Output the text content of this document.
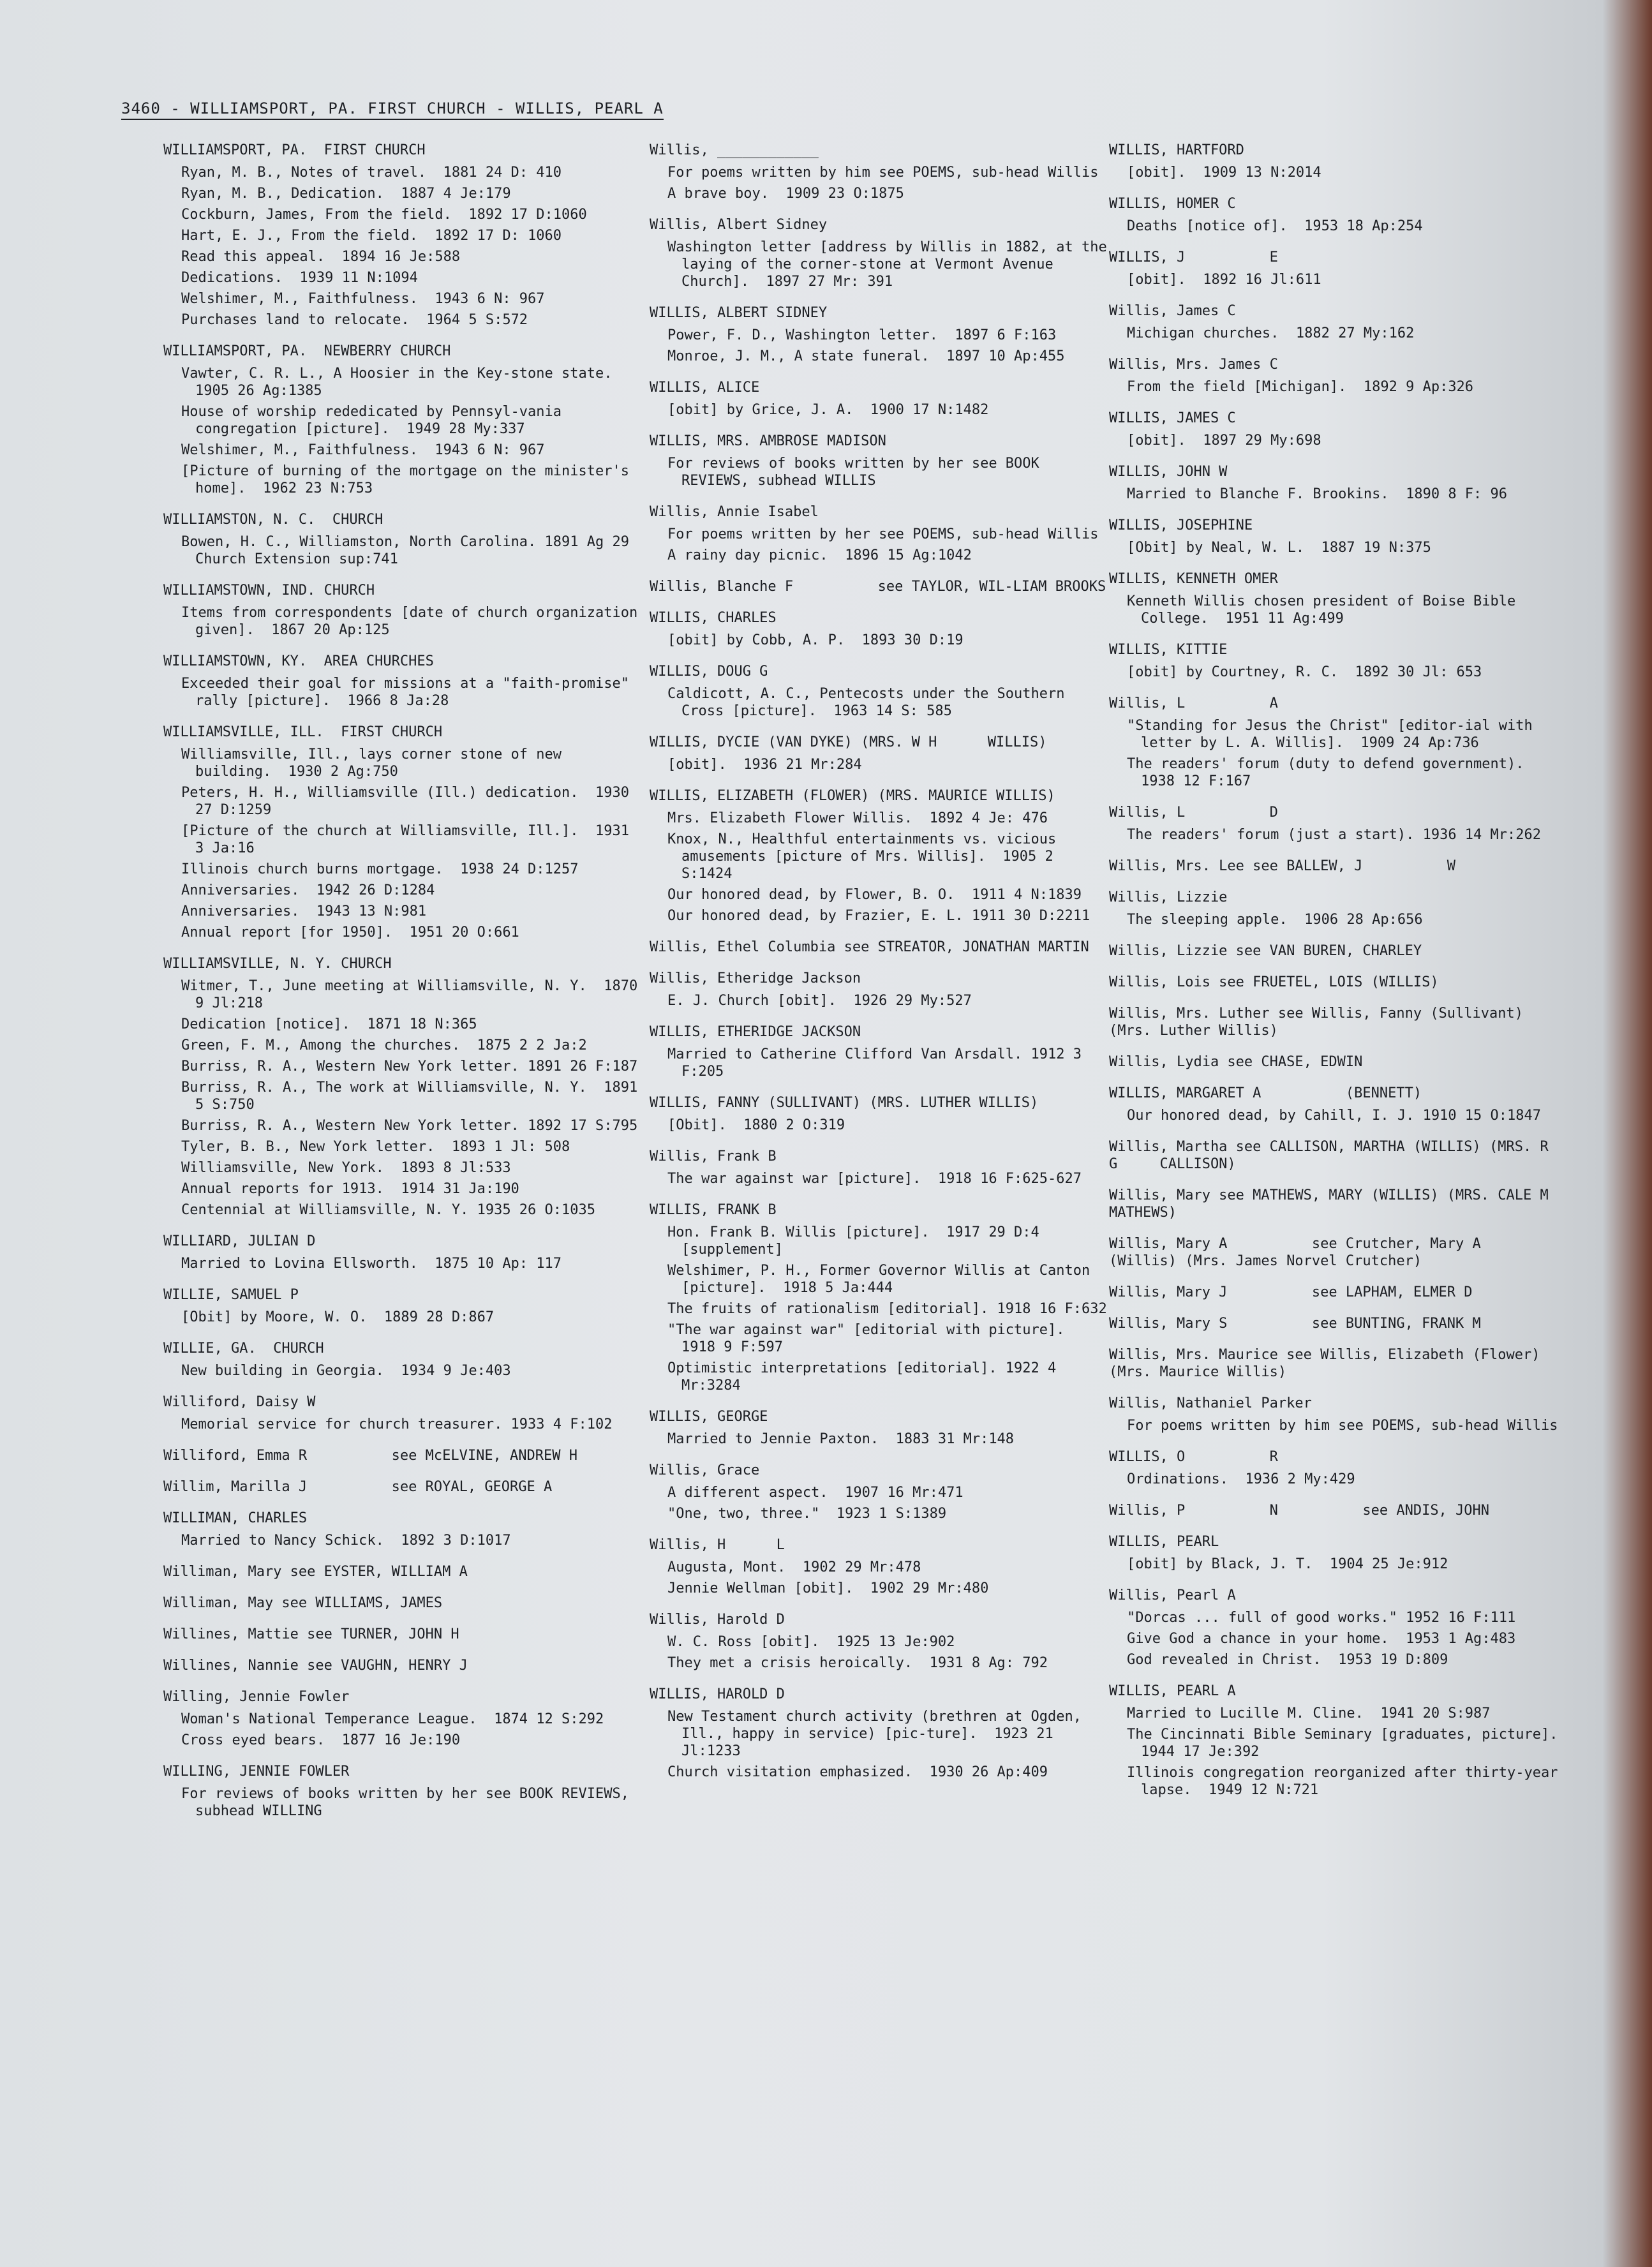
3460 - WILLIAMSPORT, PA. FIRST CHURCH - WILLIS, PEARL A
WILLIAMSPORT, PA.  FIRST CHURCH
Ryan, M. B., Notes of travel.  1881 24 D: 410
Ryan, M. B., Dedication.  1887 4 Je:179
Cockburn, James, From the field.  1892 17 D:1060
Hart, E. J., From the field.  1892 17 D: 1060
Read this appeal.  1894 16 Je:588
Dedications.  1939 11 N:1094
Welshimer, M., Faithfulness.  1943 6 N: 967
Purchases land to relocate.  1964 5 S:572
WILLIAMSPORT, PA.  NEWBERRY CHURCH
Vawter, C. R. L., A Hoosier in the Key-stone state.  1905 26 Ag:1385
House of worship rededicated by Pennsyl-vania congregation [picture].  1949 28 My:337
Welshimer, M., Faithfulness.  1943 6 N: 967
[Picture of burning of the mortgage on the minister's home].  1962 23 N:753
WILLIAMSTON, N. C.  CHURCH
Bowen, H. C., Williamston, North Carolina. 1891 Ag 29 Church Extension sup:741
WILLIAMSTOWN, IND. CHURCH
Items from correspondents [date of church organization given].  1867 20 Ap:125
WILLIAMSTOWN, KY.  AREA CHURCHES
Exceeded their goal for missions at a "faith-promise" rally [picture].  1966 8 Ja:28
WILLIAMSVILLE, ILL.  FIRST CHURCH
Williamsville, Ill., lays corner stone of new building.  1930 2 Ag:750
Peters, H. H., Williamsville (Ill.) dedication.  1930 27 D:1259
[Picture of the church at Williamsville, Ill.].  1931 3 Ja:16
Illinois church burns mortgage.  1938 24 D:1257
Anniversaries.  1942 26 D:1284
Anniversaries.  1943 13 N:981
Annual report [for 1950].  1951 20 O:661
WILLIAMSVILLE, N. Y. CHURCH
Witmer, T., June meeting at Williamsville, N. Y.  1870 9 Jl:218
Dedication [notice].  1871 18 N:365
Green, F. M., Among the churches.  1875 2 2 Ja:2
Burriss, R. A., Western New York letter. 1891 26 F:187
Burriss, R. A., The work at Williamsville, N. Y.  1891 5 S:750
Burriss, R. A., Western New York letter. 1892 17 S:795
Tyler, B. B., New York letter.  1893 1 Jl: 508
Williamsville, New York.  1893 8 Jl:533
Annual reports for 1913.  1914 31 Ja:190
Centennial at Williamsville, N. Y. 1935 26 O:1035
WILLIARD, JULIAN D
Married to Lovina Ellsworth.  1875 10 Ap: 117
WILLIE, SAMUEL P
[Obit] by Moore, W. O.  1889 28 D:867
WILLIE, GA.  CHURCH
New building in Georgia.  1934 9 Je:403
Williford, Daisy W
Memorial service for church treasurer. 1933 4 F:102
Williford, Emma R          see McELVINE, ANDREW H
Willim, Marilla J          see ROYAL, GEORGE A
WILLIMAN, CHARLES
Married to Nancy Schick.  1892 3 D:1017
Williman, Mary see EYSTER, WILLIAM A
Williman, May see WILLIAMS, JAMES
Willines, Mattie see TURNER, JOHN H
Willines, Nannie see VAUGHN, HENRY J
Willing, Jennie Fowler
Woman's National Temperance League.  1874 12 S:292
Cross eyed bears.  1877 16 Je:190
WILLING, JENNIE FOWLER
For reviews of books written by her see BOOK REVIEWS, subhead WILLING
Willis, ____________
For poems written by him see POEMS, sub-head Willis
A brave boy.  1909 23 O:1875
Willis, Albert Sidney
Washington letter [address by Willis in 1882, at the laying of the corner-stone at Vermont Avenue Church].  1897 27 Mr: 391
WILLIS, ALBERT SIDNEY
Power, F. D., Washington letter.  1897 6 F:163
Monroe, J. M., A state funeral.  1897 10 Ap:455
WILLIS, ALICE
[obit] by Grice, J. A.  1900 17 N:1482
WILLIS, MRS. AMBROSE MADISON
For reviews of books written by her see BOOK REVIEWS, subhead WILLIS
Willis, Annie Isabel
For poems written by her see POEMS, sub-head Willis
A rainy day picnic.  1896 15 Ag:1042
Willis, Blanche F          see TAYLOR, WIL-LIAM BROOKS
WILLIS, CHARLES
[obit] by Cobb, A. P.  1893 30 D:19
WILLIS, DOUG G
Caldicott, A. C., Pentecosts under the Southern Cross [picture].  1963 14 S: 585
WILLIS, DYCIE (VAN DYKE) (MRS. W H      WILLIS)
[obit].  1936 21 Mr:284
WILLIS, ELIZABETH (FLOWER) (MRS. MAURICE WILLIS)
Mrs. Elizabeth Flower Willis.  1892 4 Je: 476
Knox, N., Healthful entertainments vs. vicious amusements [picture of Mrs. Willis].  1905 2 S:1424
Our honored dead, by Flower, B. O.  1911 4 N:1839
Our honored dead, by Frazier, E. L. 1911 30 D:2211
Willis, Ethel Columbia see STREATOR, JONATHAN MARTIN
Willis, Etheridge Jackson
E. J. Church [obit].  1926 29 My:527
WILLIS, ETHERIDGE JACKSON
Married to Catherine Clifford Van Arsdall. 1912 3 F:205
WILLIS, FANNY (SULLIVANT) (MRS. LUTHER WILLIS)
[Obit].  1880 2 O:319
Willis, Frank B
The war against war [picture].  1918 16 F:625-627
WILLIS, FRANK B
Hon. Frank B. Willis [picture].  1917 29 D:4 [supplement]
Welshimer, P. H., Former Governor Willis at Canton [picture].  1918 5 Ja:444
The fruits of rationalism [editorial]. 1918 16 F:632
"The war against war" [editorial with picture].  1918 9 F:597
Optimistic interpretations [editorial]. 1922 4 Mr:3284
WILLIS, GEORGE
Married to Jennie Paxton.  1883 31 Mr:148
Willis, Grace
A different aspect.  1907 16 Mr:471
"One, two, three."  1923 1 S:1389
Willis, H      L
Augusta, Mont.  1902 29 Mr:478
Jennie Wellman [obit].  1902 29 Mr:480
Willis, Harold D
W. C. Ross [obit].  1925 13 Je:902
They met a crisis heroically.  1931 8 Ag: 792
WILLIS, HAROLD D
New Testament church activity (brethren at Ogden, Ill., happy in service) [pic-ture].  1923 21 Jl:1233
Church visitation emphasized.  1930 26 Ap:409
WILLIS, HARTFORD
[obit].  1909 13 N:2014
WILLIS, HOMER C
Deaths [notice of].  1953 18 Ap:254
WILLIS, J          E
[obit].  1892 16 Jl:611
Willis, James C
Michigan churches.  1882 27 My:162
Willis, Mrs. James C
From the field [Michigan].  1892 9 Ap:326
WILLIS, JAMES C
[obit].  1897 29 My:698
WILLIS, JOHN W
Married to Blanche F. Brookins.  1890 8 F: 96
WILLIS, JOSEPHINE
[Obit] by Neal, W. L.  1887 19 N:375
WILLIS, KENNETH OMER
Kenneth Willis chosen president of Boise Bible College.  1951 11 Ag:499
WILLIS, KITTIE
[obit] by Courtney, R. C.  1892 30 Jl: 653
Willis, L          A
"Standing for Jesus the Christ" [editor-ial with letter by L. A. Willis].  1909 24 Ap:736
The readers' forum (duty to defend government).  1938 12 F:167
Willis, L          D
The readers' forum (just a start). 1936 14 Mr:262
Willis, Mrs. Lee see BALLEW, J          W
Willis, Lizzie
The sleeping apple.  1906 28 Ap:656
Willis, Lizzie see VAN BUREN, CHARLEY
Willis, Lois see FRUETEL, LOIS (WILLIS)
Willis, Mrs. Luther see Willis, Fanny (Sullivant) (Mrs. Luther Willis)
Willis, Lydia see CHASE, EDWIN
WILLIS, MARGARET A          (BENNETT)
Our honored dead, by Cahill, I. J. 1910 15 O:1847
Willis, Martha see CALLISON, MARTHA (WILLIS) (MRS. R     G     CALLISON)
Willis, Mary see MATHEWS, MARY (WILLIS) (MRS. CALE M     MATHEWS)
Willis, Mary A          see Crutcher, Mary A     (Willis) (Mrs. James Norvel Crutcher)
Willis, Mary J          see LAPHAM, ELMER D
Willis, Mary S          see BUNTING, FRANK M
Willis, Mrs. Maurice see Willis, Elizabeth (Flower) (Mrs. Maurice Willis)
Willis, Nathaniel Parker
For poems written by him see POEMS, sub-head Willis
WILLIS, O          R
Ordinations.  1936 2 My:429
Willis, P          N          see ANDIS, JOHN
WILLIS, PEARL
[obit] by Black, J. T.  1904 25 Je:912
Willis, Pearl A
"Dorcas ... full of good works." 1952 16 F:111
Give God a chance in your home.  1953 1 Ag:483
God revealed in Christ.  1953 19 D:809
WILLIS, PEARL A
Married to Lucille M. Cline.  1941 20 S:987
The Cincinnati Bible Seminary [graduates, picture].  1944 17 Je:392
Illinois congregation reorganized after thirty-year lapse.  1949 12 N:721
